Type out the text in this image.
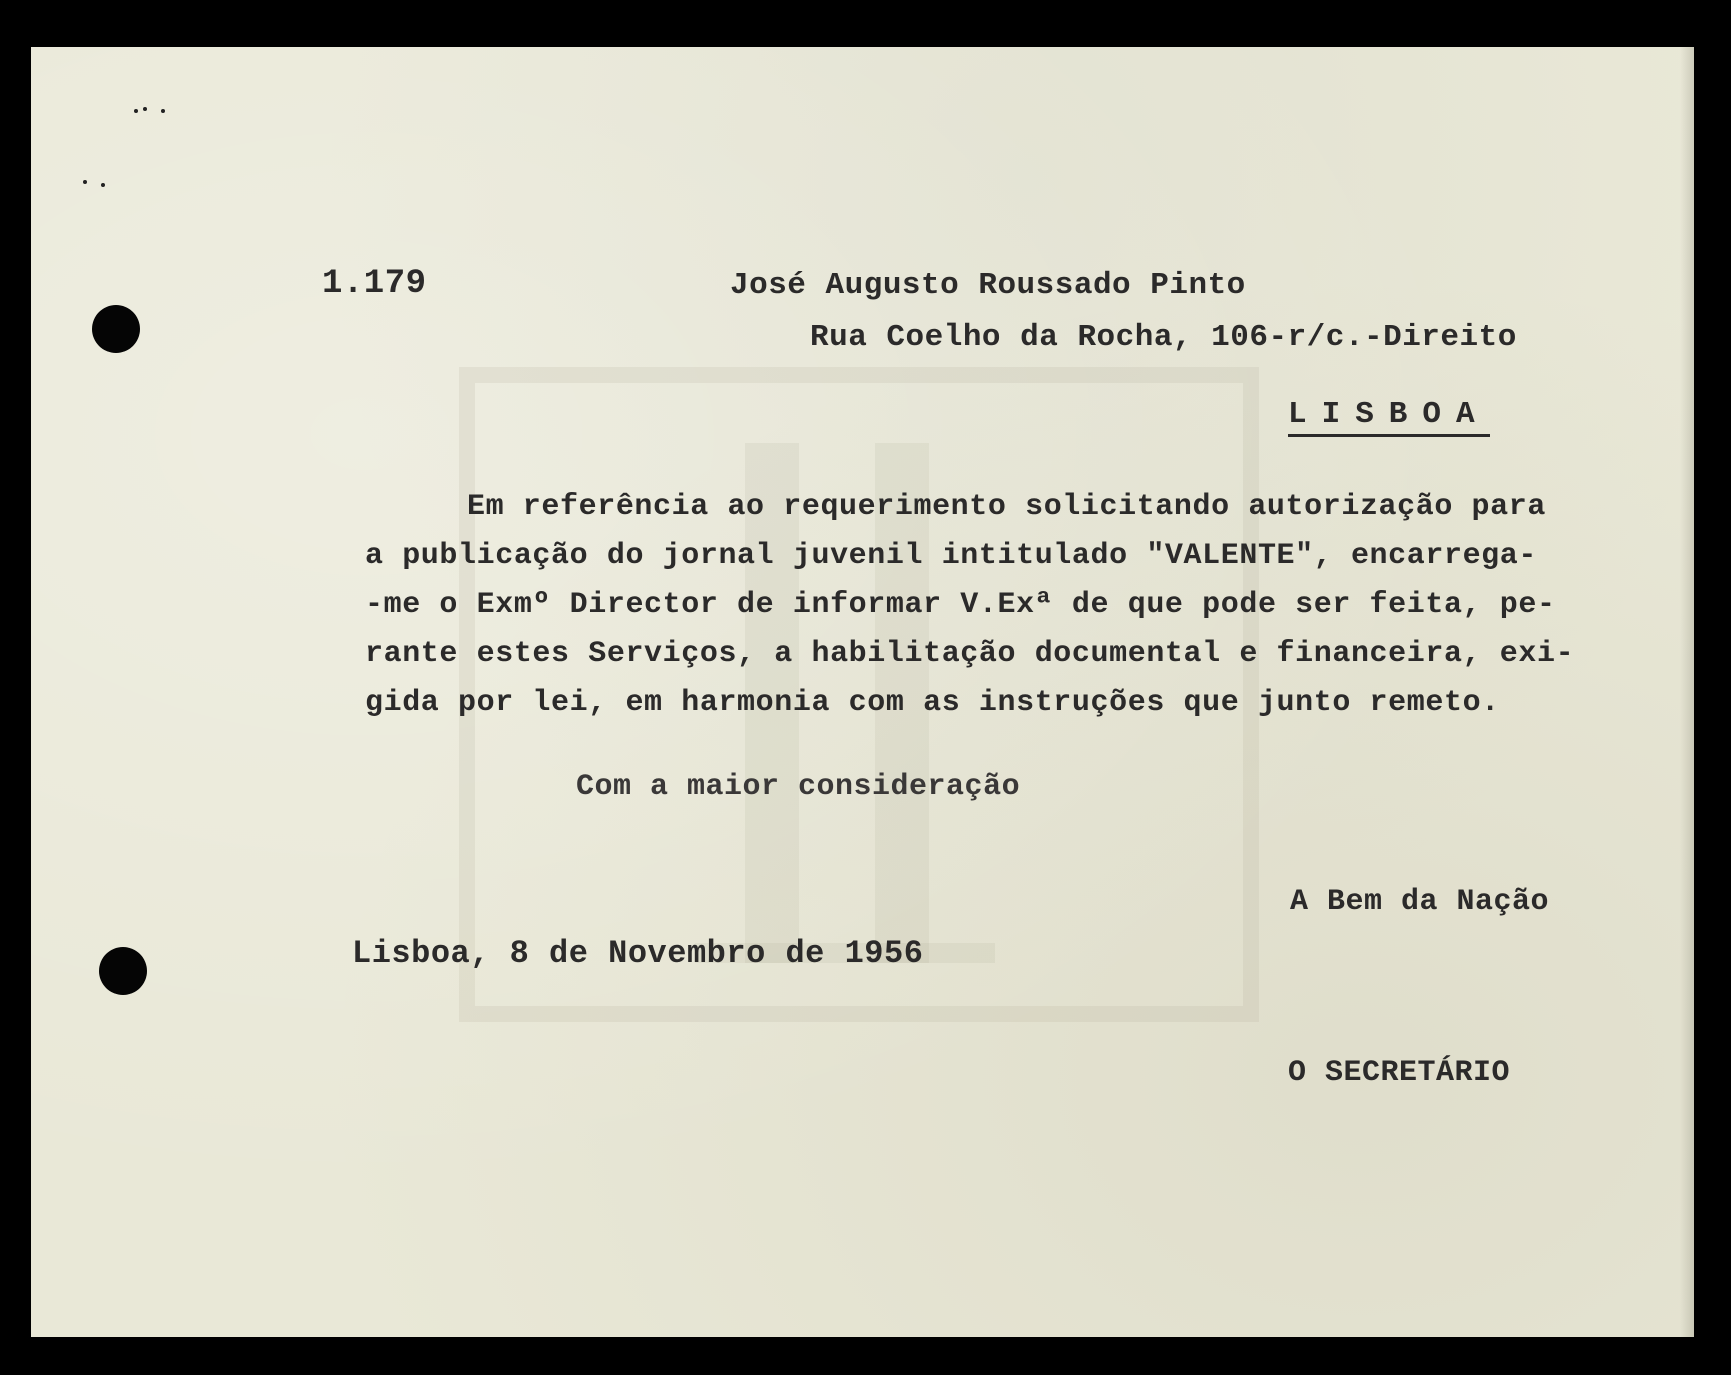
1.179	José Augusto Roussado Pinto
Rua Coelho da Rocha, 106-r/c.-Direito
LISBOA
Em referência ao requerimento solicitando autorização para
a publicação do jornal juvenil intitulado "VALENTE", encarrega-
-me o Exmº Director de informar V.Exª de que pode ser feita, pe-
rante estes Serviços, a habilitação documental e financeira, exi-
gida por lei, em harmonia com as instruções que junto remeto.
Com a maior consideração
A Bem da Nação
Lisboa, 8 de Novembro de 1956
O SECRETÁRIO
